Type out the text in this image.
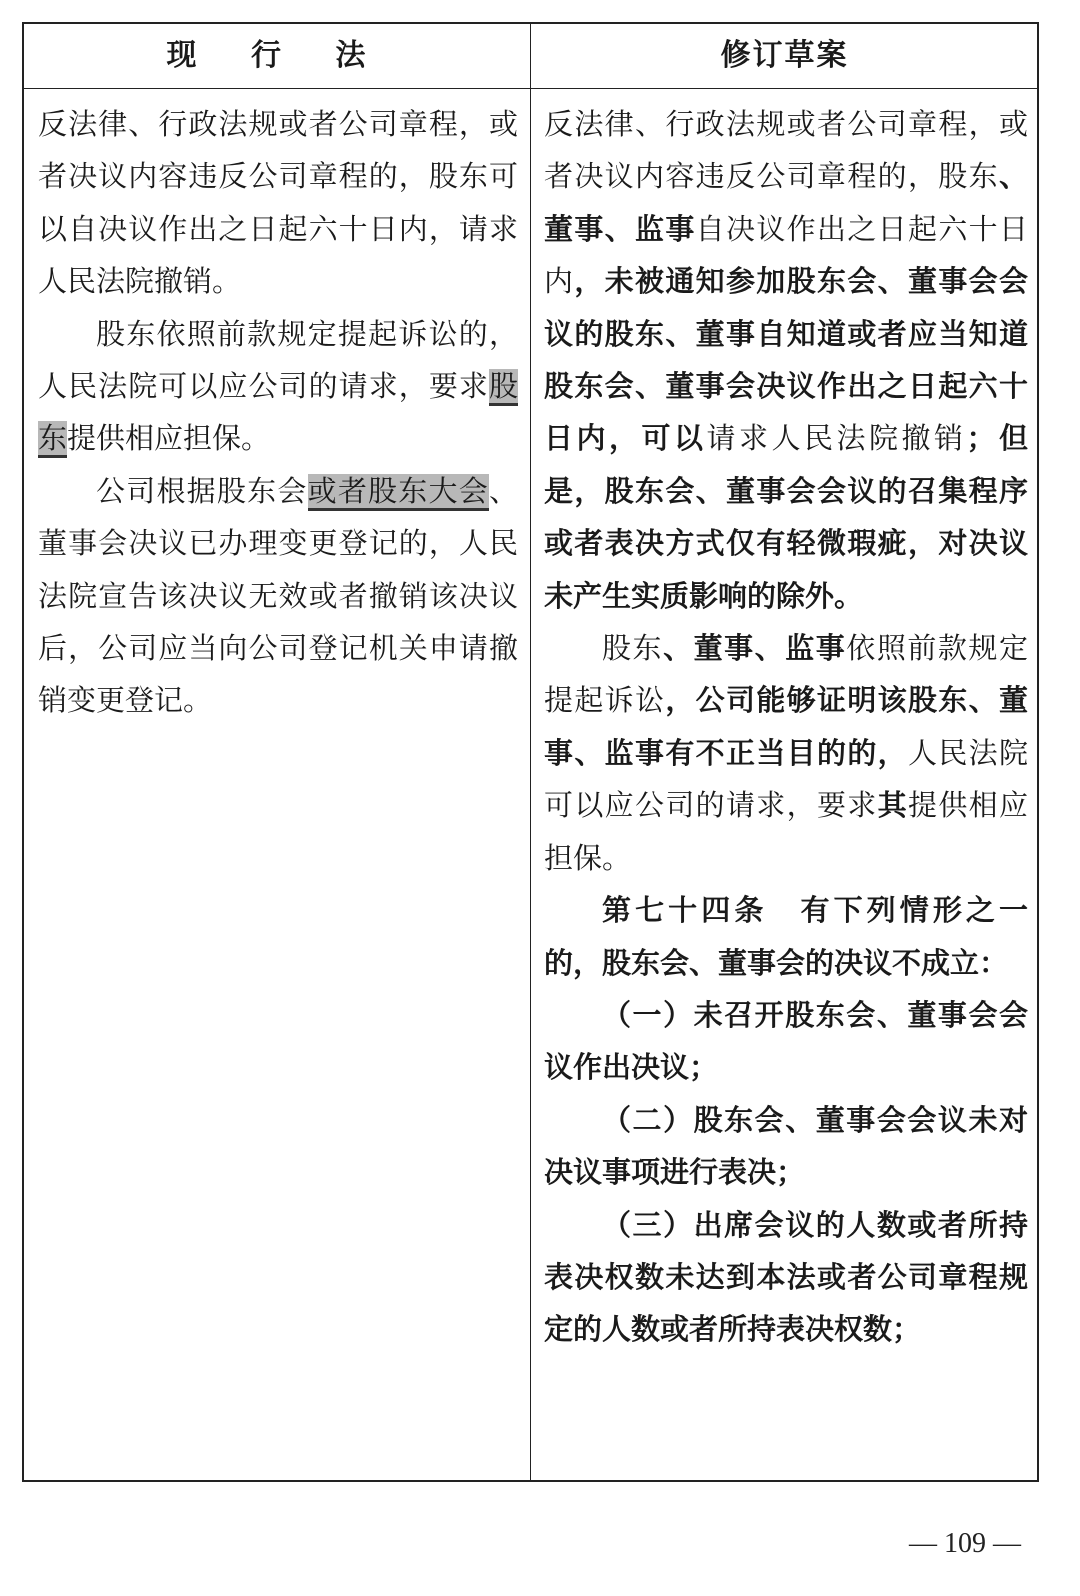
现 行 法	修订草案

反法律、行政法规或者公司章程，或者决议内容违反公司章程的，股东可以自决议作出之日起六十日内，请求人民法院撤销。

股东依照前款规定提起诉讼的，人民法院可以应公司的请求，要求股东提供相应担保。

公司根据股东会或者股东大会、董事会决议已办理变更登记的，人民法院宣告该决议无效或者撤销该决议后，公司应当向公司登记机关申请撤销变更登记。

反法律、行政法规或者公司章程，或者决议内容违反公司章程的，股东、董事、监事自决议作出之日起六十日内，未被通知参加股东会、董事会会议的股东、董事自知道或者应当知道股东会、董事会决议作出之日起六十日内，可以请求人民法院撤销；但是，股东会、董事会会议的召集程序或者表决方式仅有轻微瑕疵，对决议未产生实质影响的除外。

股东、董事、监事依照前款规定提起诉讼，公司能够证明该股东、董事、监事有不正当目的的，人民法院可以应公司的请求，要求其提供相应担保。

第七十四条　有下列情形之一的，股东会、董事会的决议不成立：

（一）未召开股东会、董事会会议作出决议；

（二）股东会、董事会会议未对决议事项进行表决；

（三）出席会议的人数或者所持表决权数未达到本法或者公司章程规定的人数或者所持表决权数；

— 109 —
